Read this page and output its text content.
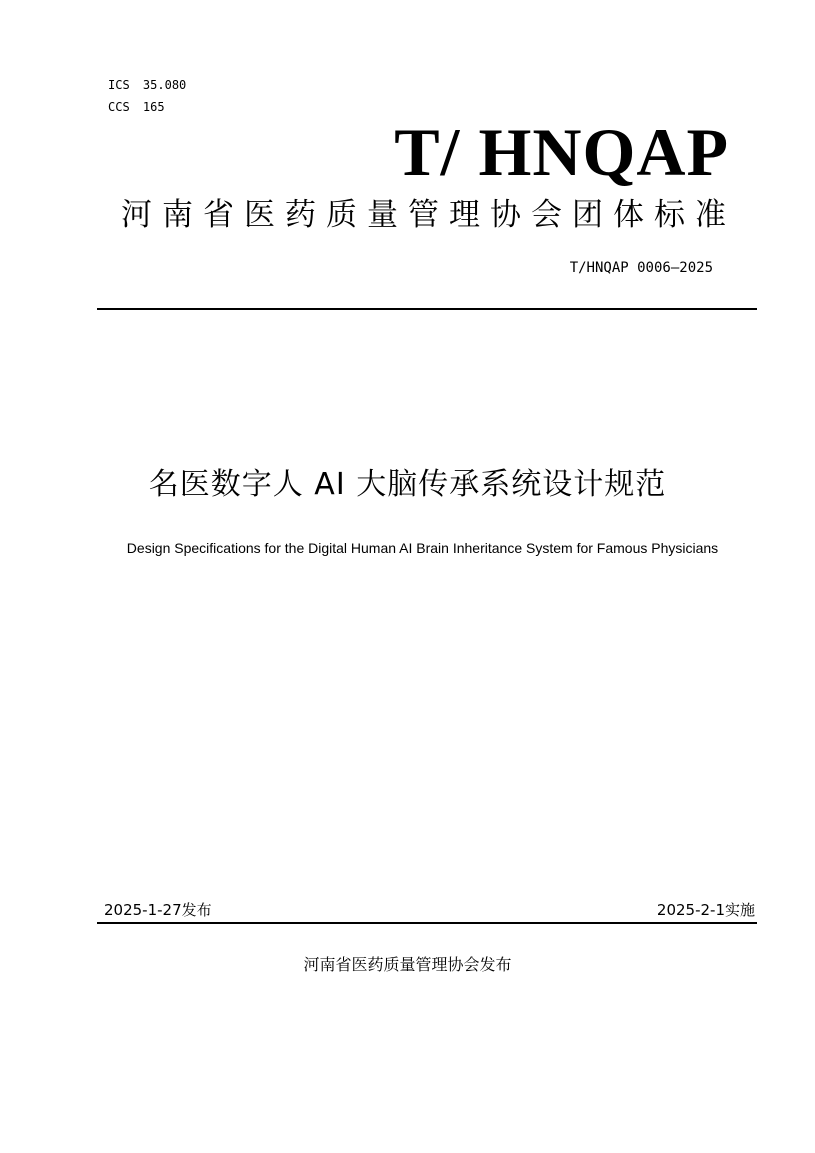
ICS 35.080
CCS 165
T/ HNQAP
河南省医药质量管理协会团体标准
T/HNQAP 0006—2025
名医数字人 AI 大脑传承系统设计规范
Design Specifications for the Digital Human AI Brain Inheritance System for Famous Physicians
2025-1-27发布	2025-2-1实施
河南省医药质量管理协会发布
